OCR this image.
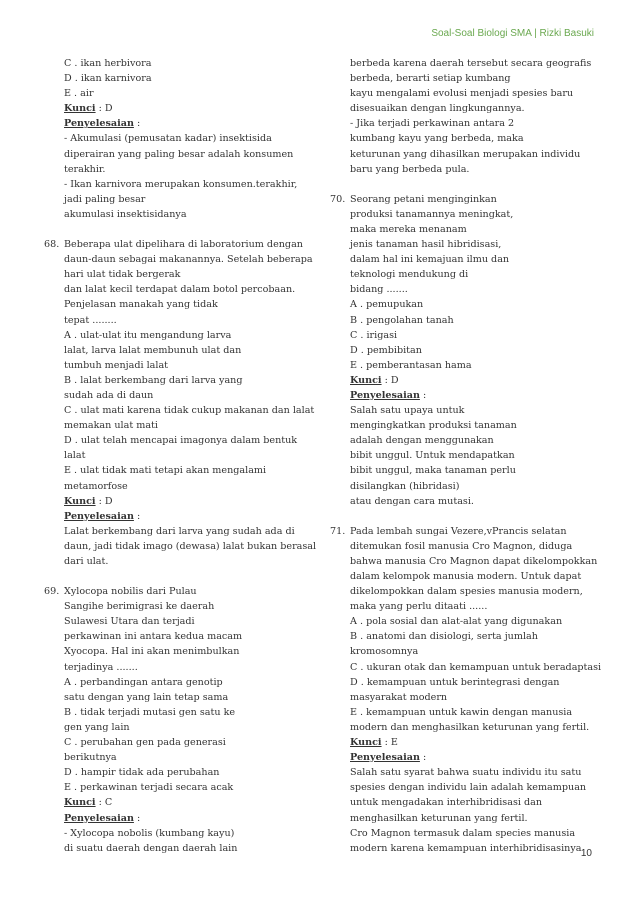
Soal-Soal Biologi SMA | Rizki Basuki
C . ikan herbivora
D . ikan karnivora
E . air
Kunci : D
Penyelesaian :
- Akumulasi (pemusatan kadar) insektisida
diperairan yang paling besar adalah konsumen
terakhir.
- Ikan karnivora merupakan konsumen.terakhir,
jadi paling besar
akumulasi insektisidanya
68. Beberapa ulat dipelihara di laboratorium dengan
daun-daun sebagai makanannya. Setelah beberapa
hari ulat tidak bergerak
dan lalat kecil terdapat dalam botol percobaan.
Penjelasan manakah yang tidak
tepat ........
A . ulat-ulat itu mengandung larva
lalat, larva lalat membunuh ulat dan
tumbuh menjadi lalat
B . lalat berkembang dari larva yang
sudah ada di daun
C . ulat mati karena tidak cukup makanan dan lalat
memakan ulat mati
D . ulat telah mencapai imagonya dalam bentuk
lalat
E . ulat tidak mati tetapi akan mengalami
metamorfose
Kunci : D
Penyelesaian :
Lalat berkembang dari larva yang sudah ada di
daun, jadi tidak imago (dewasa) lalat bukan berasal
dari ulat.
69. Xylocopa nobilis dari Pulau
Sangihe berimigrasi ke daerah
Sulawesi Utara dan terjadi
perkawinan ini antara kedua macam
Xyocopa. Hal ini akan menimbulkan
terjadinya .......
A . perbandingan antara genotip
satu dengan yang lain tetap sama
B . tidak terjadi mutasi gen satu ke
gen yang lain
C . perubahan gen pada generasi
berikutnya
D . hampir tidak ada perubahan
E . perkawinan terjadi secara acak
Kunci : C
Penyelesaian :
- Xylocopa nobolis (kumbang kayu)
di suatu daerah dengan daerah lain
berbeda karena daerah tersebut secara geografis
berbeda, berarti setiap kumbang
kayu mengalami evolusi menjadi spesies baru
disesuaikan dengan lingkungannya.
- Jika terjadi perkawinan antara 2
kumbang kayu yang berbeda, maka
keturunan yang dihasilkan merupakan individu
baru yang berbeda pula.
70. Seorang petani menginginkan
produksi tanamannya meningkat,
maka mereka menanam
jenis tanaman hasil hibridisasi,
dalam hal ini kemajuan ilmu dan
teknologi mendukung di
bidang .......
A . pemupukan
B . pengolahan tanah
C . irigasi
D . pembibitan
E . pemberantasan hama
Kunci : D
Penyelesaian :
Salah satu upaya untuk
mengingkatkan produksi tanaman
adalah dengan menggunakan
bibit unggul. Untuk mendapatkan
bibit unggul, maka tanaman perlu
disilangkan (hibridasi)
atau dengan cara mutasi.
71. Pada lembah sungai Vezere,vPrancis selatan
ditemukan fosil manusia Cro Magnon, diduga
bahwa manusia Cro Magnon dapat dikelompokkan
dalam kelompok manusia modern. Untuk dapat
dikelompokkan dalam spesies manusia modern,
maka yang perlu ditaati ......
A . pola sosial dan alat-alat yang digunakan
B . anatomi dan disiologi, serta jumlah
kromosomnya
C . ukuran otak dan kemampuan untuk beradaptasi
D . kemampuan untuk berintegrasi dengan
masyarakat modern
E . kemampuan untuk kawin dengan manusia
modern dan menghasilkan keturunan yang fertil.
Kunci : E
Penyelesaian :
Salah satu syarat bahwa suatu individu itu satu
spesies dengan individu lain adalah kemampuan
untuk mengadakan interhibridisasi dan
menghasilkan keturunan yang fertil.
Cro Magnon termasuk dalam species manusia
modern karena kemampuan interhibridisasinya 10
